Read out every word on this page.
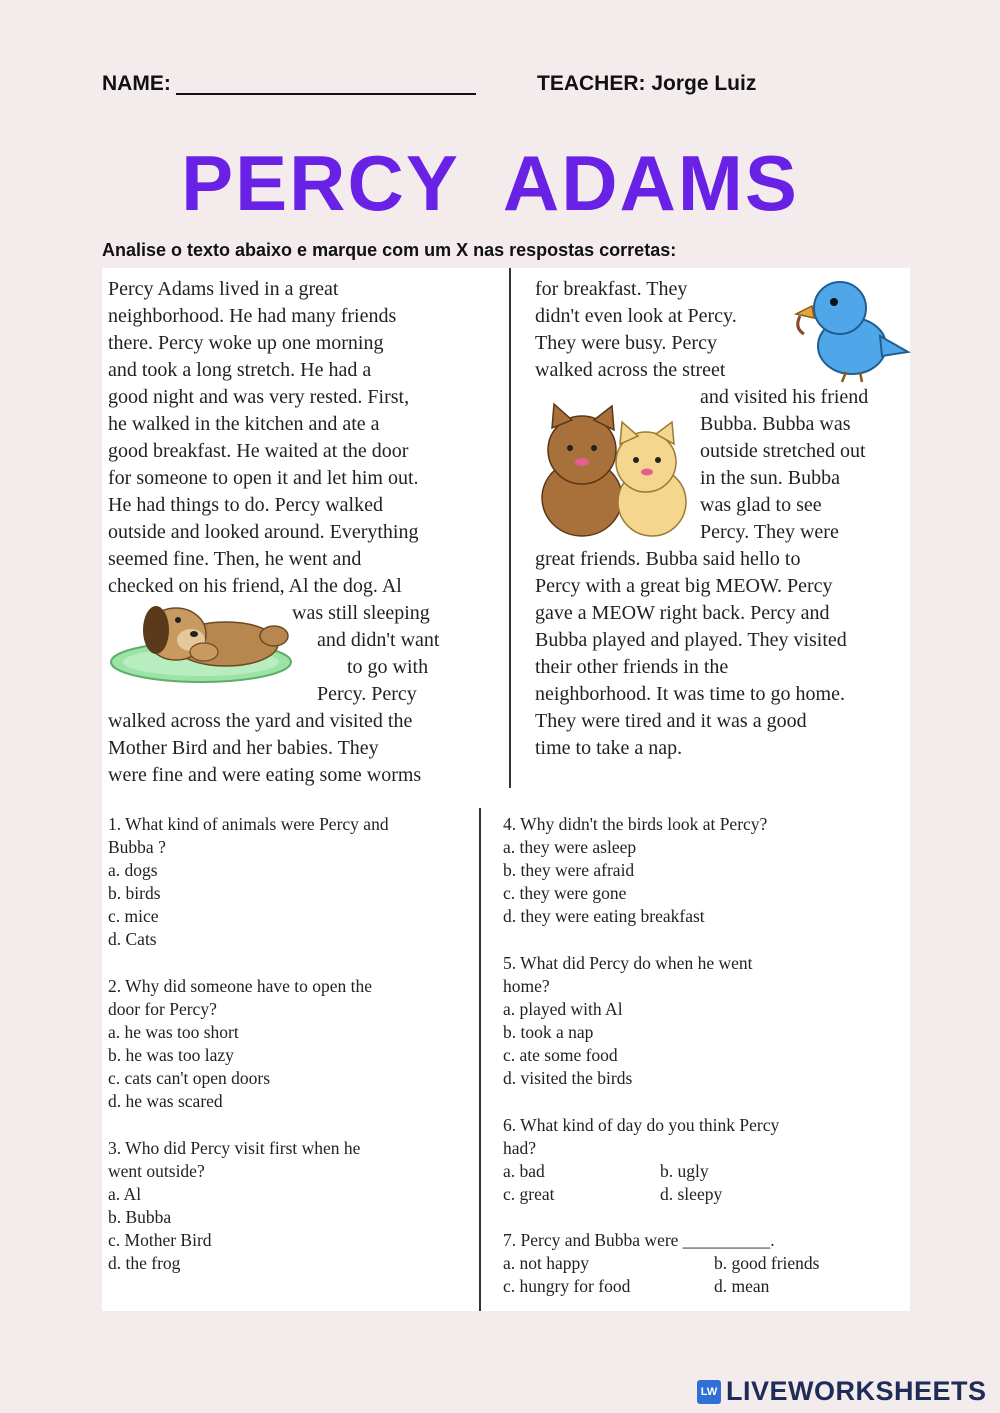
NAME:	TEACHER: Jorge Luiz
PERCY  ADAMS
Analise o texto abaixo e marque com um X nas respostas corretas:
Percy Adams lived in a great
neighborhood. He had many friends
there. Percy woke up one morning
and took a long stretch. He had a
good night and was very rested. First,
he walked in the kitchen and ate a
good breakfast. He waited at the door
for someone to open it and let him out.
He had things to do. Percy walked
outside and looked around. Everything
seemed fine. Then, he went and
checked on his friend, Al the dog. Al
was still sleeping
and didn't want
to go with
Percy. Percy
walked across the yard and visited the
Mother Bird and her babies. They
were fine and were eating some worms
for breakfast. They
didn't even look at Percy.
They were busy. Percy
walked across the street
and visited his friend
Bubba. Bubba was
outside stretched out
in the sun. Bubba
was glad to see
Percy. They were
great friends. Bubba said hello to
Percy with a great big MEOW. Percy
gave a MEOW right back. Percy and
Bubba played and played. They visited
their other friends in the
neighborhood. It was time to go home.
They were tired and it was a good
time to take a nap.
1. What kind of animals were Percy and
Bubba ?
a. dogs
b. birds
c. mice
d. Cats
2. Why did someone have to open the
door for Percy?
a. he was too short
b. he was too lazy
c. cats can't open doors
d. he was scared
3. Who did Percy visit first when he
went outside?
a. Al
b. Bubba
c. Mother Bird
d. the frog
4. Why didn't the birds look at Percy?
a. they were asleep
b. they were afraid
c. they were gone
d. they were eating breakfast
5. What did Percy do when he went
home?
a. played with Al
b. took a nap
c. ate some food
d. visited the birds
6. What kind of day do you think Percy
had?
a. bad	b. ugly
c. great	d. sleepy
7. Percy and Bubba were __________.
a. not happy	b. good friends
c. hungry for food	d. mean
LW LIVEWORKSHEETS
